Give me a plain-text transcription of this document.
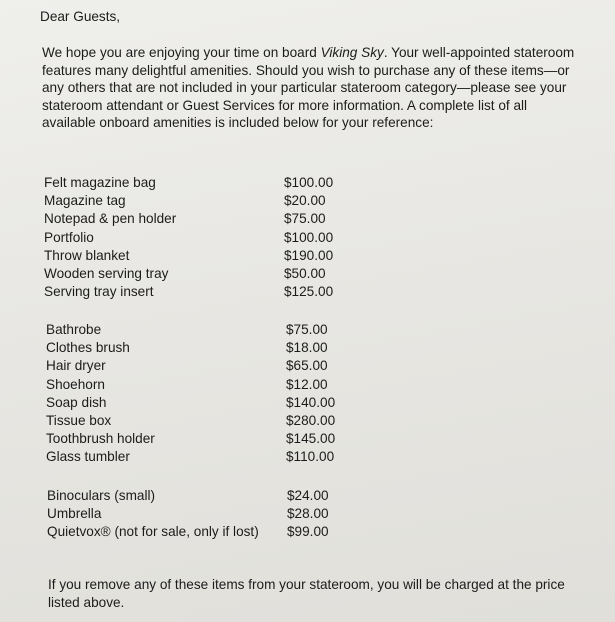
Dear Guests,
We hope you are enjoying your time on board Viking Sky. Your well-appointed stateroom features many delightful amenities. Should you wish to purchase any of these items—or any others that are not included in your particular stateroom category—please see your stateroom attendant or Guest Services for more information. A complete list of all available onboard amenities is included below for your reference:
Felt magazine bag	$100.00
Magazine tag	$20.00
Notepad & pen holder	$75.00
Portfolio	$100.00
Throw blanket	$190.00
Wooden serving tray	$50.00
Serving tray insert	$125.00
Bathrobe	$75.00
Clothes brush	$18.00
Hair dryer	$65.00
Shoehorn	$12.00
Soap dish	$140.00
Tissue box	$280.00
Toothbrush holder	$145.00
Glass tumbler	$110.00
Binoculars (small)	$24.00
Umbrella	$28.00
Quietvox® (not for sale, only if lost)	$99.00
If you remove any of these items from your stateroom, you will be charged at the price listed above.
